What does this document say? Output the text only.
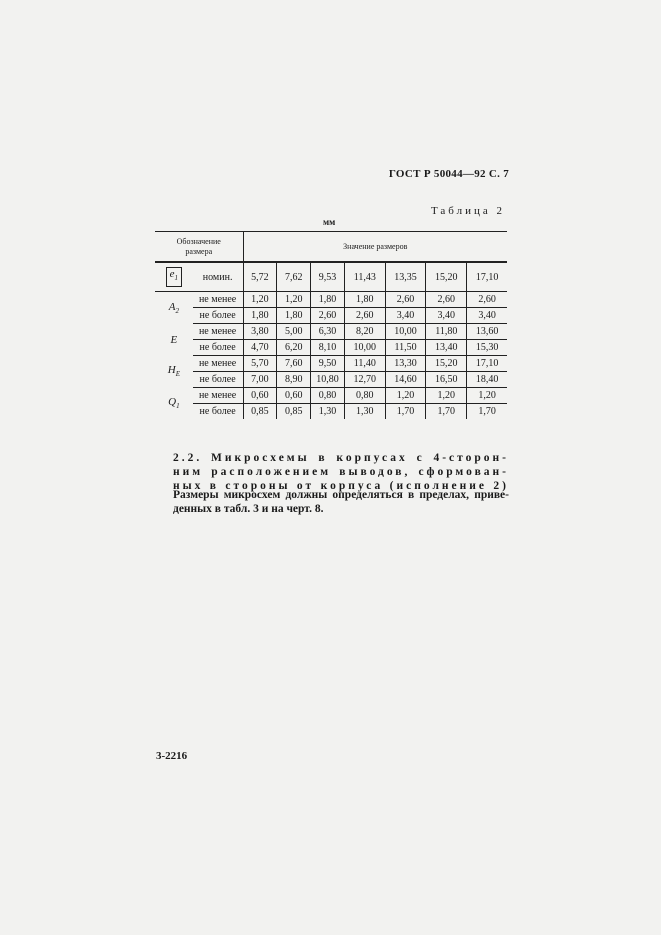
ГОСТ Р 50044—92 С. 7
Таблица 2
мм
Обозначение
размера		Значение размеров						
$e_1$	номин.	5,72	7,62	9,53	11,43	13,35	15,20	17,10
$A_2$	не менее	1,20	1,20	1,80	1,80	2,60	2,60	2,60
	не более	1,80	1,80	2,60	2,60	3,40	3,40	3,40
E	не менее	3,80	5,00	6,30	8,20	10,00	11,80	13,60
	не более	4,70	6,20	8,10	10,00	11,50	13,40	15,30
$H_E$	не менее	5,70	7,60	9,50	11,40	13,30	15,20	17,10
	не более	7,00	8,90	10,80	12,70	14,60	16,50	18,40
$Q_1$	не менее	0,60	0,60	0,80	0,80	1,20	1,20	1,20
	не более	0,85	0,85	1,30	1,30	1,70	1,70	1,70
2.2. Микросхемы в корпусах с 4-сторон-
ним расположением выводов, сформован-
ных в стороны от корпуса (исполнение 2)
Размеры микросхем должны определяться в пределах, приве-
денных в табл. 3 и на черт. 8.
3-2216
